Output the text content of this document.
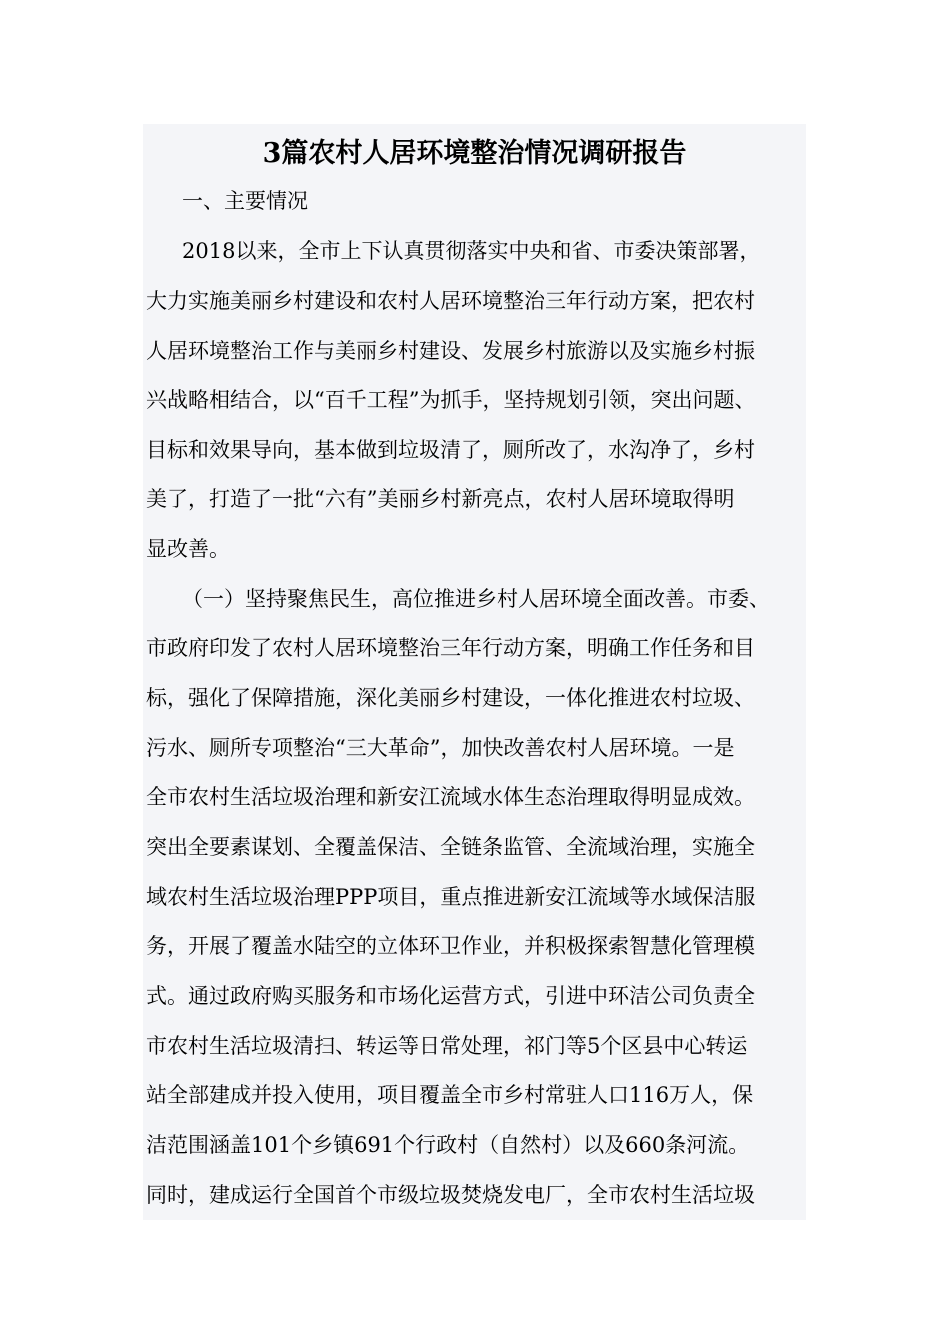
3篇农村人居环境整治情况调研报告
一、主要情况
2018以来，全市上下认真贯彻落实中央和省、市委决策部署，
大力实施美丽乡村建设和农村人居环境整治三年行动方案，把农村
人居环境整治工作与美丽乡村建设、发展乡村旅游以及实施乡村振
兴战略相结合，以“百千工程”为抓手，坚持规划引领，突出问题、
目标和效果导向，基本做到垃圾清了，厕所改了，水沟净了，乡村
美了，打造了一批“六有”美丽乡村新亮点，农村人居环境取得明
显改善。
（一）坚持聚焦民生，高位推进乡村人居环境全面改善。市委、
市政府印发了农村人居环境整治三年行动方案，明确工作任务和目
标，强化了保障措施，深化美丽乡村建设，一体化推进农村垃圾、
污水、厕所专项整治“三大革命”，加快改善农村人居环境。一是
全市农村生活垃圾治理和新安江流域水体生态治理取得明显成效。
突出全要素谋划、全覆盖保洁、全链条监管、全流域治理，实施全
域农村生活垃圾治理PPP项目，重点推进新安江流域等水域保洁服
务，开展了覆盖水陆空的立体环卫作业，并积极探索智慧化管理模
式。通过政府购买服务和市场化运营方式，引进中环洁公司负责全
市农村生活垃圾清扫、转运等日常处理，祁门等5个区县中心转运
站全部建成并投入使用，项目覆盖全市乡村常驻人口116万人，保
洁范围涵盖101个乡镇691个行政村（自然村）以及660条河流。
同时，建成运行全国首个市级垃圾焚烧发电厂，全市农村生活垃圾
